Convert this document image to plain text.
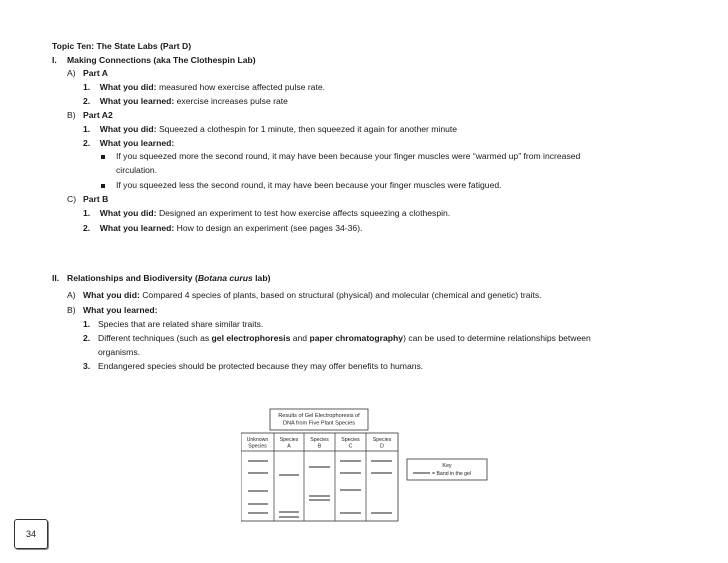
Topic Ten: The State Labs (Part D)
I. Making Connections (aka The Clothespin Lab)
A) Part A
1. What you did: measured how exercise affected pulse rate.
2. What you learned: exercise increases pulse rate
B) Part A2
1. What you did: Squeezed a clothespin for 1 minute, then squeezed it again for another minute
2. What you learned:
If you squeezed more the second round, it may have been because your finger muscles were “warmed up” from increased
circulation.
If you squeezed less the second round, it may have been because your finger muscles were fatigued.
C) Part B
1. What you did: Designed an experiment to test how exercise affects squeezing a clothespin.
2. What you learned: How to design an experiment (see pages 34-36).
II. Relationships and Biodiversity (Botana curus lab)
A) What you did: Compared 4 species of plants, based on structural (physical) and molecular (chemical and genetic) traits.
B) What you learned:
1. Species that are related share similar traits.
2. Different techniques (such as gel electrophoresis and paper chromatography) can be used to determine relationships between
organisms.
3. Endangered species should be protected because they may offer benefits to humans.
Results of Gel Electrophoresis of
DNA from Five Plant Species
Unknown
Species
Species
A
Species
B
Species
C
Species
D
Key
= Band in the gel
34
